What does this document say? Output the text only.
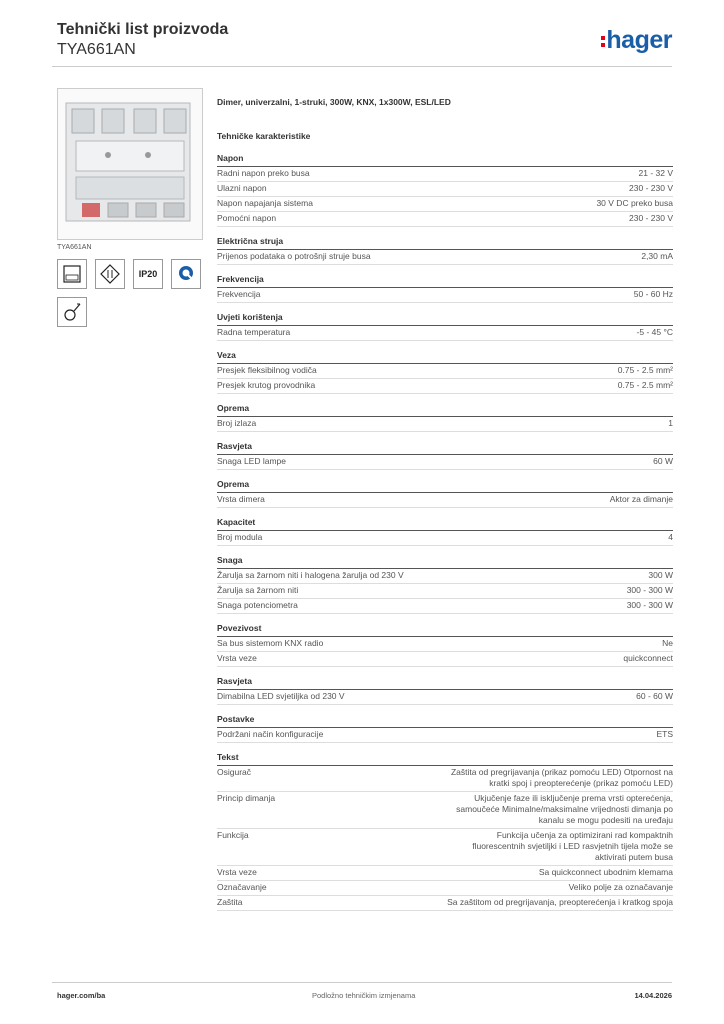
Tehnički list proizvoda
TYA661AN	hager
TYA661AN
IP20
Dimer, univerzalni, 1-struki, 300W, KNX, 1x300W, ESL/LED
Tehničke karakteristike
Napon
Radni napon preko busa	21 - 32 V
Ulazni napon	230 - 230 V
Napon napajanja sistema	30 V DC preko busa
Pomoćni napon	230 - 230 V
Električna struja
Prijenos podataka o potrošnji struje busa	2,30 mA
Frekvencija
Frekvencija	50 - 60 Hz
Uvjeti korištenja
Radna temperatura	-5 - 45 °C
Veza
Presjek fleksibilnog vodiča	0.75 - 2.5 mm²
Presjek krutog provodnika	0.75 - 2.5 mm²
Oprema
Broj izlaza	1
Rasvjeta
Snaga LED lampe	60 W
Oprema
Vrsta dimera	Aktor za dimanje
Kapacitet
Broj modula	4
Snaga
Žarulja sa žarnom niti i halogena žarulja od 230 V	300 W
Žarulja sa žarnom niti	300 - 300 W
Snaga potenciometra	300 - 300 W
Povezivost
Sa bus sistemom KNX radio	Ne
Vrsta veze	quickconnect
Rasvjeta
Dimabilna LED svjetiljka od 230 V	60 - 60 W
Postavke
Podržani način konfiguracije	ETS
Tekst
Osigurač	Zaštita od pregrijavanja (prikaz pomoću LED) Otpornost na kratki spoj i preopterećenje (prikaz pomoću LED)
Princip dimanja	Ukjučenje faze ili isključenje prema vrsti opterećenja, samoučeće Minimalne/maksimalne vrijednosti dimanja po kanalu se mogu podesiti na uređaju
Funkcija	Funkcija učenja za optimizirani rad kompaktnih fluorescentnih svjetiljki i LED rasvjetnih tijela može se aktivirati putem busa
Vrsta veze	Sa quickconnect ubodnim klemama
Označavanje	Veliko polje za označavanje
Zaštita	Sa zaštitom od pregrijavanja, preopterećenja i kratkog spoja
hager.com/ba	Podložno tehničkim izmjenama	14.04.2026
